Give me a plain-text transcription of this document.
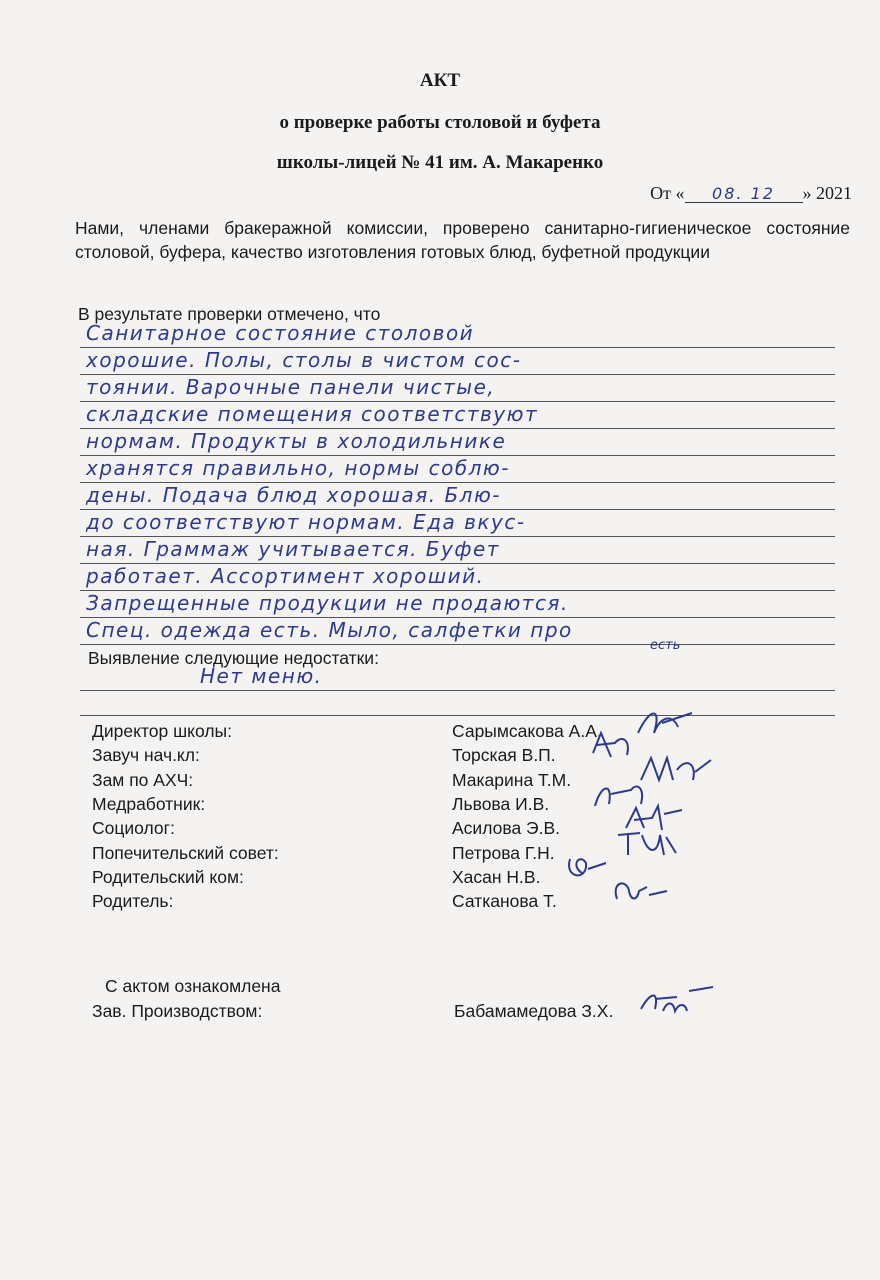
АКТ
о проверке работы столовой и буфета
школы-лицей № 41 им. А. Макаренко
От « 08. 12 » 2021
Нами, членами бракеражной комиссии, проверено санитарно-гигиеническое состояние столовой, буфера, качество изготовления готовых блюд, буфетной продукции
В результате проверки отмечено, что
Санитарное состояние столовой
хорошие. Полы, столы в чистом сос-
тоянии. Варочные панели чистые,
складские помещения соответствуют
нормам. Продукты в холодильнике
хранятся правильно, нормы соблю-
дены. Подача блюд хорошая. Блю-
до соответствуют нормам. Еда вкус-
ная. Граммаж учитывается. Буфет
работает. Ассортимент хороший.
Запрещенные продукции не продаются.
Спец. одежда есть. Мыло, салфетки про
Выявление следующие недостатки:
есть
Нет меню.
Директор школы:	Сарымсакова А.А.
Завуч нач.кл:	Торская В.П.
Зам по АХЧ:	Макарина Т.М.
Медработник:	Львова И.В.
Социолог:	Асилова Э.В.
Попечительский совет:	Петрова Г.Н.
Родительский ком:	Хасан Н.В.
Родитель:	Сатканова Т.
С актом ознакомлена
Зав. Производством:	Бабамамедова З.Х.
